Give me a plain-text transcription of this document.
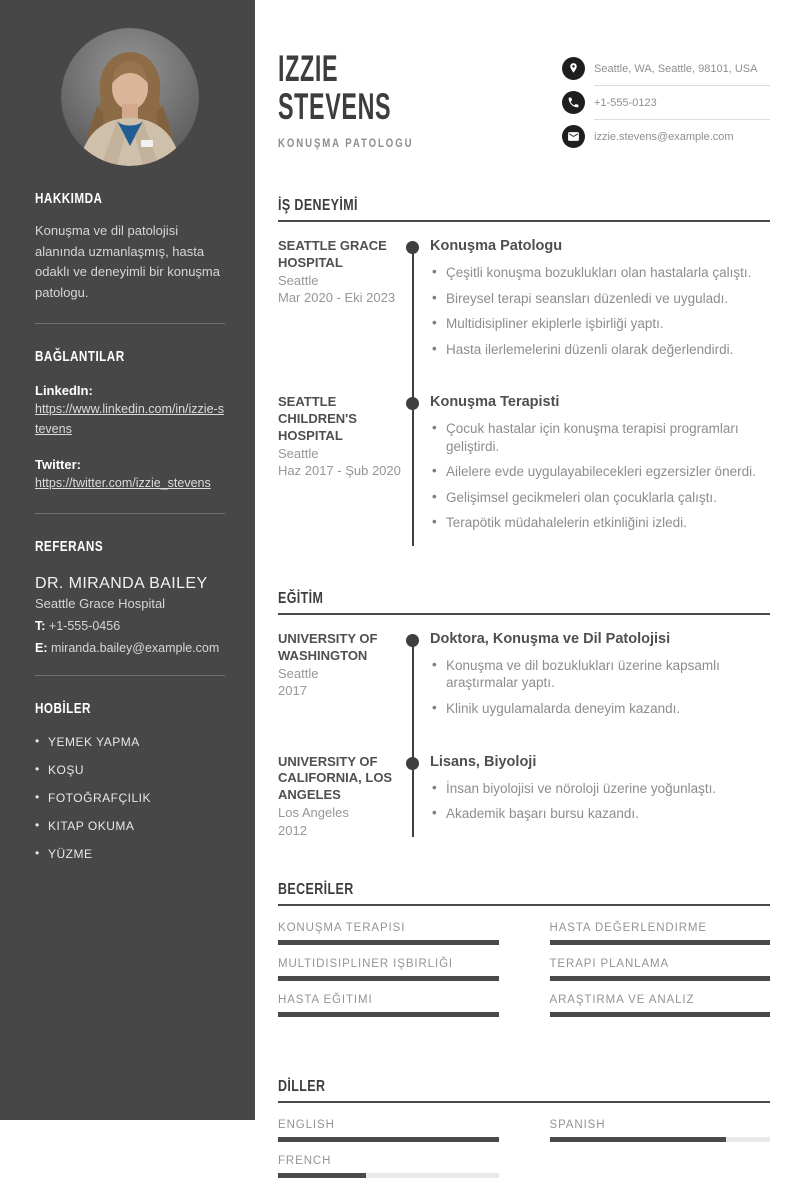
HAKKIMDA

Konuşma ve dil patolojisi alanında uzmanlaşmış, hasta odaklı ve deneyimli bir konuşma patologu.

BAĞLANTILAR
LinkedIn:
https://www.linkedin.com/in/izzie-stevens
Twitter:
https://twitter.com/izzie_stevens
REFERANS
DR. MIRANDA BAILEY
Seattle Grace Hospital
T: +1-555-0456
E: miranda.bailey@example.com
HOBİLER
• YEMEK YAPMA
• KOŞU
• FOTOĞRAFÇILIK
• KITAP OKUMA
• YÜZME
IZZIE
STEVENS
KONUŞMA PATOLOGU
Seattle, WA, Seattle, 98101, USA
+1-555-0123
izzie.stevens@example.com
İŞ DENEYİMİ
SEATTLE GRACE HOSPITAL
Seattle
Mar 2020 - Eki 2023
Konuşma Patologu
• Çeşitli konuşma bozuklukları olan hastalarla çalıştı.
• Bireysel terapi seansları düzenledi ve uyguladı.
• Multidisipliner ekiplerle işbirliği yaptı.
• Hasta ilerlemelerini düzenli olarak değerlendirdi.
SEATTLE CHILDREN'S HOSPITAL
Seattle
Haz 2017 - Şub 2020
Konuşma Terapisti
• Çocuk hastalar için konuşma terapisi programları geliştirdi.
• Ailelere evde uygulayabilecekleri egzersizler önerdi.
• Gelişimsel gecikmeleri olan çocuklarla çalıştı.
• Terapötik müdahalelerin etkinliğini izledi.
EĞİTİM
UNIVERSITY OF WASHINGTON
Seattle
2017
Doktora, Konuşma ve Dil Patolojisi
• Konuşma ve dil bozuklukları üzerine kapsamlı araştırmalar yaptı.
• Klinik uygulamalarda deneyim kazandı.
UNIVERSITY OF CALIFORNIA, LOS ANGELES
Los Angeles
2012
Lisans, Biyoloji
• İnsan biyolojisi ve nöroloji üzerine yoğunlaştı.
• Akademik başarı bursu kazandı.
BECERİLER
KONUŞMA TERAPISI	HASTA DEĞERLENDIRME
MULTIDISIPLINER IŞBIRLIĞI	TERAPI PLANLAMA
HASTA EĞITIMI	ARAŞTIRMA VE ANALIZ
DİLLER
ENGLISH	SPANISH
FRENCH
